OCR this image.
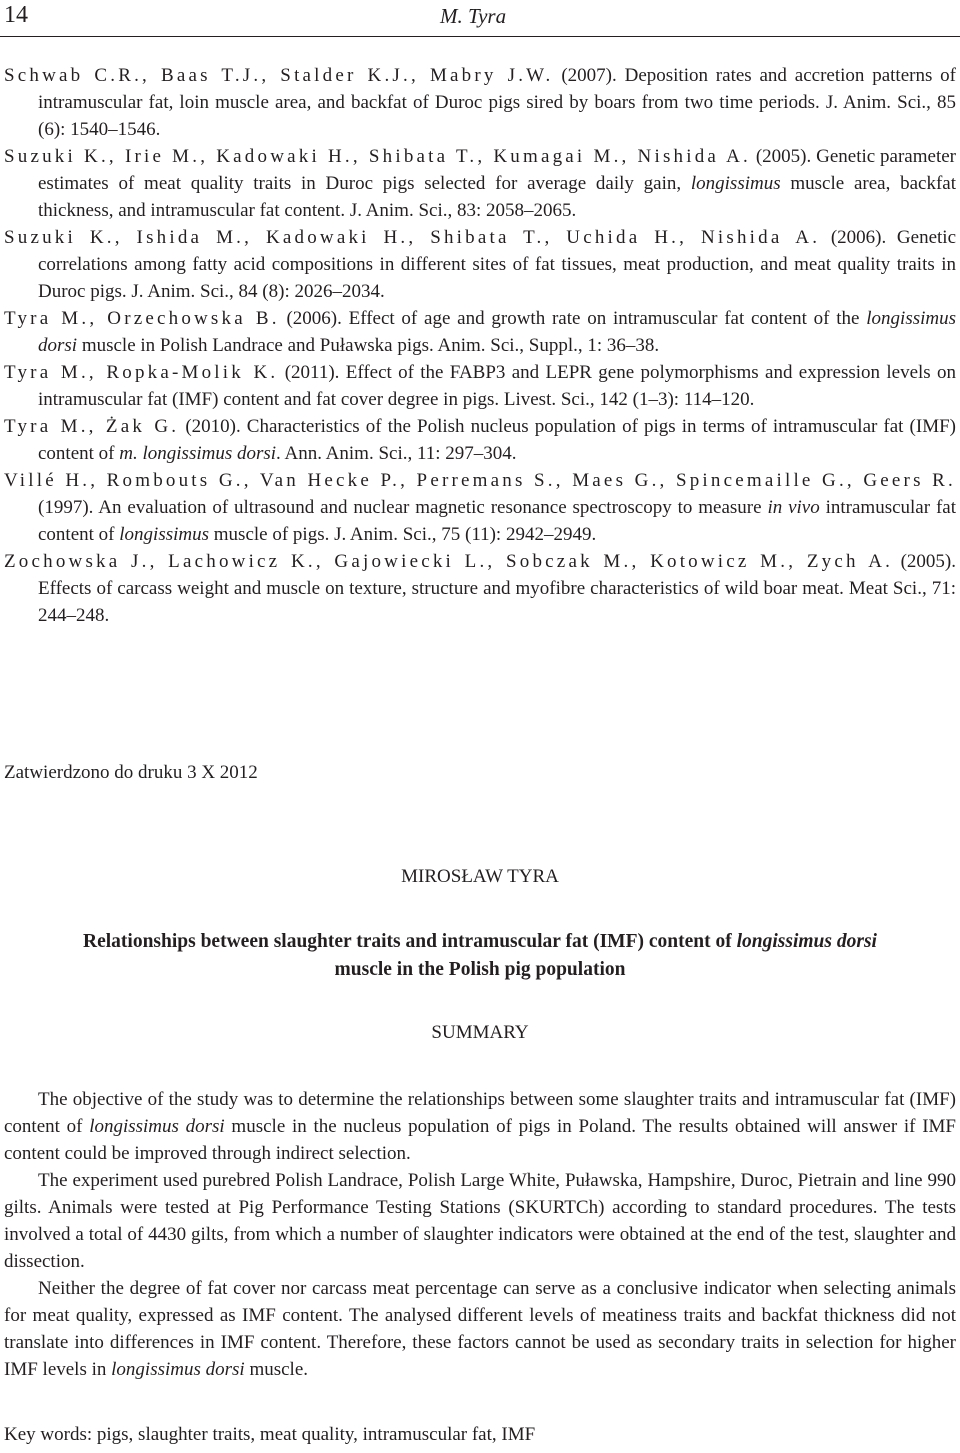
14	M. Tyra
Schwab C.R., Baas T.J., Stalder K.J., Mabry J.W. (2007). Deposition rates and accretion patterns of intramuscular fat, loin muscle area, and backfat of Duroc pigs sired by boars from two time periods. J. Anim. Sci., 85 (6): 1540–1546.
Suzuki K., Irie M., Kadowaki H., Shibata T., Kumagai M., Nishida A. (2005). Genetic parameter estimates of meat quality traits in Duroc pigs selected for average daily gain, longissimus muscle area, backfat thickness, and intramuscular fat content. J. Anim. Sci., 83: 2058–2065.
Suzuki K., Ishida M., Kadowaki H., Shibata T., Uchida H., Nishida A. (2006). Genetic correlations among fatty acid compositions in different sites of fat tissues, meat production, and meat quality traits in Duroc pigs. J. Anim. Sci., 84 (8): 2026–2034.
Tyra M., Orzechowska B. (2006). Effect of age and growth rate on intramuscular fat content of the longissimus dorsi muscle in Polish Landrace and Puławska pigs. Anim. Sci., Suppl., 1: 36–38.
Tyra M., Ropka-Molik K. (2011). Effect of the FABP3 and LEPR gene polymorphisms and expression levels on intramuscular fat (IMF) content and fat cover degree in pigs. Livest. Sci., 142 (1–3): 114–120.
Tyra M., Żak G. (2010). Characteristics of the Polish nucleus population of pigs in terms of intramuscular fat (IMF) content of m. longissimus dorsi. Ann. Anim. Sci., 11: 297–304.
Villé H., Rombouts G., Van Hecke P., Perremans S., Maes G., Spincemaille G., Geers R. (1997). An evaluation of ultrasound and nuclear magnetic resonance spectroscopy to measure in vivo intramuscular fat content of longissimus muscle of pigs. J. Anim. Sci., 75 (11): 2942–2949.
Zochowska J., Lachowicz K., Gajowiecki L., Sobczak M., Kotowicz M., Zych A. (2005). Effects of carcass weight and muscle on texture, structure and myofibre characteristics of wild boar meat. Meat Sci., 71: 244–248.
Zatwierdzono do druku 3 X 2012
MIROSŁAW TYRA
Relationships between slaughter traits and intramuscular fat (IMF) content of longissimus dorsi
muscle in the Polish pig population
SUMMARY

The objective of the study was to determine the relationships between some slaughter traits and intramuscular fat (IMF) content of longissimus dorsi muscle in the nucleus population of pigs in Poland. The results obtained will answer if IMF content could be improved through indirect selection.

The experiment used purebred Polish Landrace, Polish Large White, Puławska, Hampshire, Duroc, Pietrain and line 990 gilts. Animals were tested at Pig Performance Testing Stations (SKURTCh) according to standard procedures. The tests involved a total of 4430 gilts, from which a number of slaughter indicators were obtained at the end of the test, slaughter and dissection.

Neither the degree of fat cover nor carcass meat percentage can serve as a conclusive indicator when selecting animals for meat quality, expressed as IMF content. The analysed different levels of meatiness traits and backfat thickness did not translate into differences in IMF content. Therefore, these factors cannot be used as secondary traits in selection for higher IMF levels in longissimus dorsi muscle.

Key words: pigs, slaughter traits, meat quality, intramuscular fat, IMF
